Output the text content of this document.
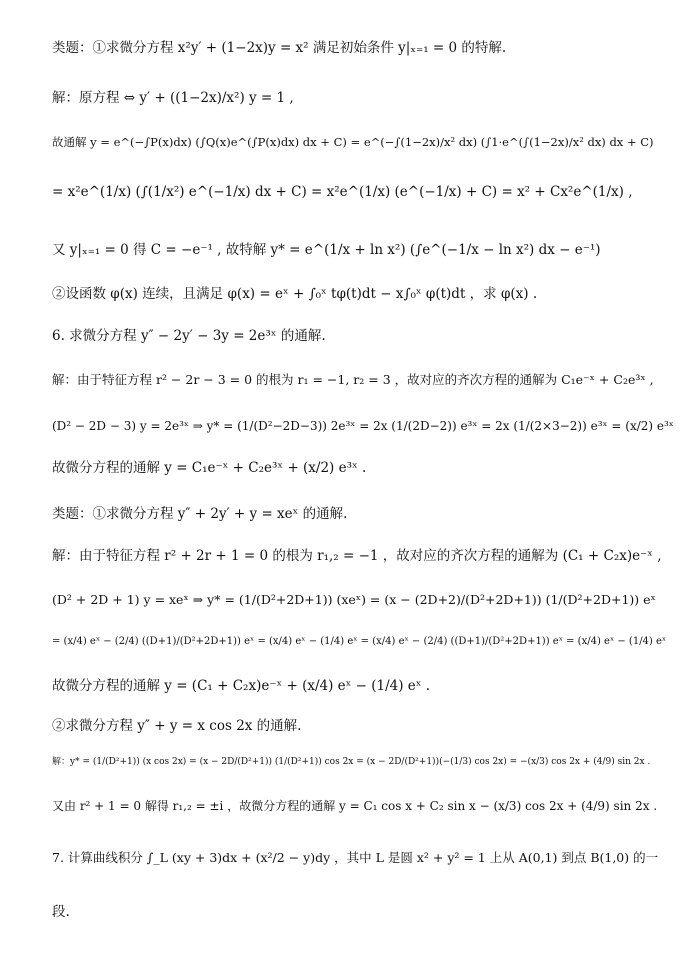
类题：①求微分方程 x²y′ + (1−2x)y = x² 满足初始条件 y|ₓ₌₁ = 0 的特解.
解：原方程 ⇔ y′ + ((1−2x)/x²) y = 1 ,
故通解 y = e^(−∫P(x)dx) (∫Q(x)e^(∫P(x)dx) dx + C) = e^(−∫(1−2x)/x² dx) (∫1·e^(∫(1−2x)/x² dx) dx + C)
= x²e^(1/x) (∫(1/x²) e^(−1/x) dx + C) = x²e^(1/x) (e^(−1/x) + C) = x² + Cx²e^(1/x) ,
又 y|ₓ₌₁ = 0 得 C = −e⁻¹ , 故特解 y* = e^(1/x + ln x²) (∫e^(−1/x − ln x²) dx − e⁻¹)
②设函数 φ(x) 连续，且满足 φ(x) = eˣ + ∫₀ˣ tφ(t)dt − x∫₀ˣ φ(t)dt ，求 φ(x) .
6. 求微分方程 y″ − 2y′ − 3y = 2e³ˣ 的通解.
解：由于特征方程 r² − 2r − 3 = 0 的根为 r₁ = −1, r₂ = 3 ，故对应的齐次方程的通解为 C₁e⁻ˣ + C₂e³ˣ ,
(D² − 2D − 3) y = 2e³ˣ ⇒ y* = (1/(D²−2D−3)) 2e³ˣ = 2x (1/(2D−2)) e³ˣ = 2x (1/(2×3−2)) e³ˣ = (x/2) e³ˣ
故微分方程的通解 y = C₁e⁻ˣ + C₂e³ˣ + (x/2) e³ˣ .
类题：①求微分方程 y″ + 2y′ + y = xeˣ 的通解.
解：由于特征方程 r² + 2r + 1 = 0 的根为 r₁,₂ = −1 ，故对应的齐次方程的通解为 (C₁ + C₂x)e⁻ˣ ,
(D² + 2D + 1) y = xeˣ ⇒ y* = (1/(D²+2D+1)) (xeˣ) = (x − (2D+2)/(D²+2D+1)) (1/(D²+2D+1)) eˣ
= (x/4) eˣ − (2/4) ((D+1)/(D²+2D+1)) eˣ = (x/4) eˣ − (1/4) eˣ = (x/4) eˣ − (2/4) ((D+1)/(D²+2D+1)) eˣ = (x/4) eˣ − (1/4) eˣ
故微分方程的通解 y = (C₁ + C₂x)e⁻ˣ + (x/4) eˣ − (1/4) eˣ .
②求微分方程 y″ + y = x cos 2x 的通解.
解：y* = (1/(D²+1)) (x cos 2x) = (x − 2D/(D²+1)) (1/(D²+1)) cos 2x = (x − 2D/(D²+1))(−(1/3) cos 2x) = −(x/3) cos 2x + (4/9) sin 2x .
又由 r² + 1 = 0 解得 r₁,₂ = ±i ，故微分方程的通解 y = C₁ cos x + C₂ sin x − (x/3) cos 2x + (4/9) sin 2x .
7. 计算曲线积分 ∫_L (xy + 3)dx + (x²/2 − y)dy ，其中 L 是圆 x² + y² = 1 上从 A(0,1) 到点 B(1,0) 的一
段.
